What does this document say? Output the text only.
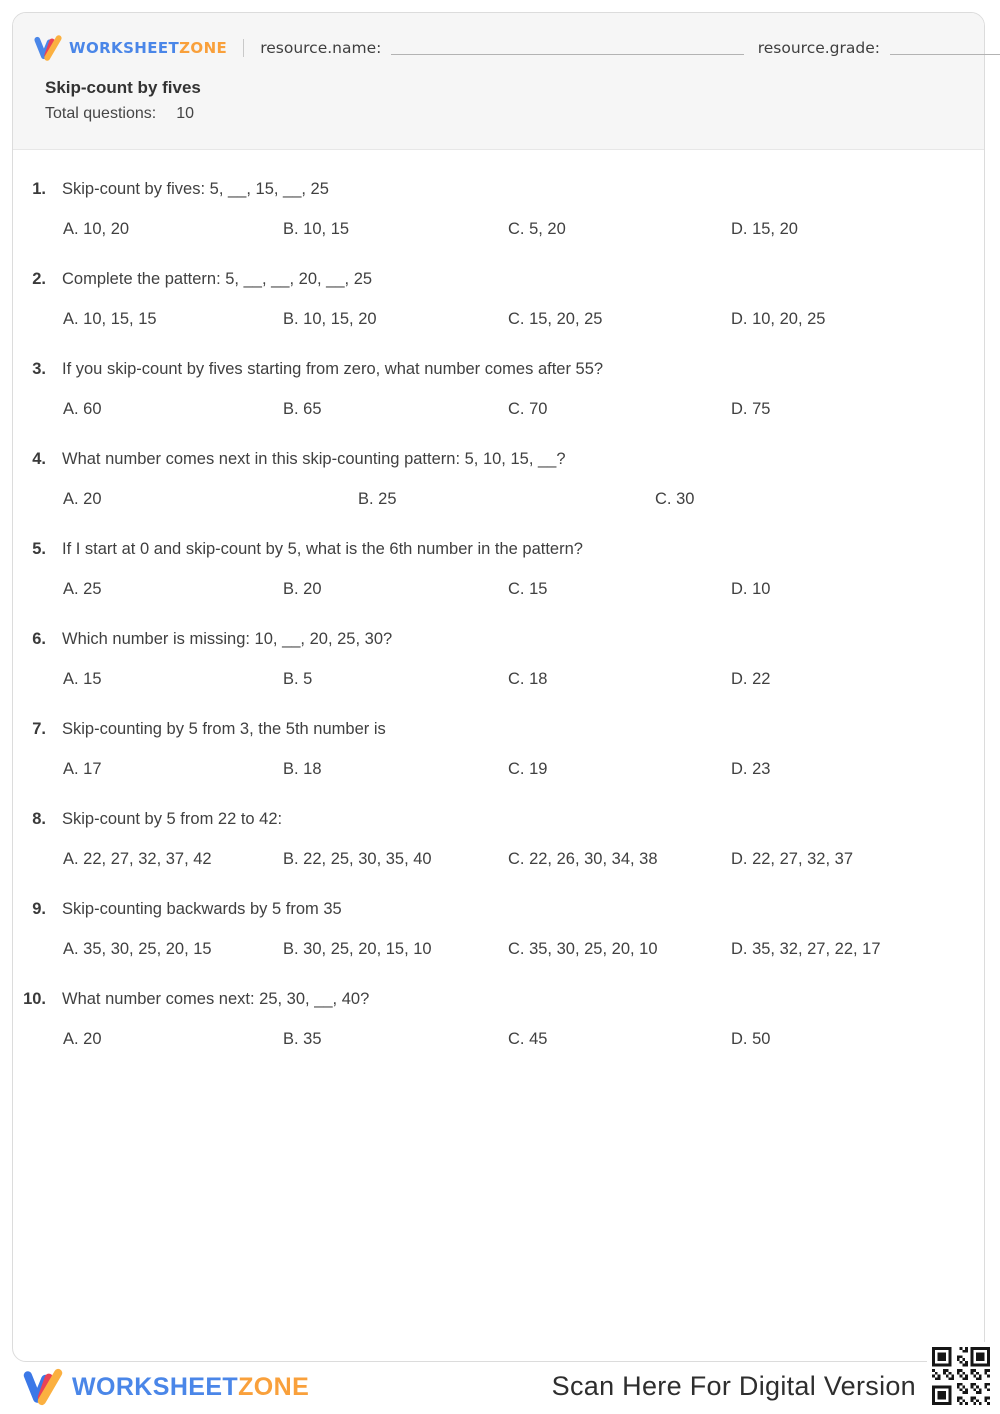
WORKSHEETZONE resource.name:	resource.grade:
Skip-count by fives
Total questions: 10
1. Skip-count by fives: 5, __, 15, __, 25
A. 10, 20	B. 10, 15	C. 5, 20	D. 15, 20
2. Complete the pattern: 5, __, __, 20, __, 25
A. 10, 15, 15	B. 10, 15, 20	C. 15, 20, 25	D. 10, 20, 25
3. If you skip-count by fives starting from zero, what number comes after 55?
A. 60	B. 65	C. 70	D. 75
4. What number comes next in this skip-counting pattern: 5, 10, 15, __?
A. 20	B. 25	C. 30
5. If I start at 0 and skip-count by 5, what is the 6th number in the pattern?
A. 25	B. 20	C. 15	D. 10
6. Which number is missing: 10, __, 20, 25, 30?
A. 15	B. 5	C. 18	D. 22
7. Skip-counting by 5 from 3, the 5th number is
A. 17	B. 18	C. 19	D. 23
8. Skip-count by 5 from 22 to 42:
A. 22, 27, 32, 37, 42	B. 22, 25, 30, 35, 40	C. 22, 26, 30, 34, 38	D. 22, 27, 32, 37
9. Skip-counting backwards by 5 from 35
A. 35, 30, 25, 20, 15	B. 30, 25, 20, 15, 10	C. 35, 30, 25, 20, 10	D. 35, 32, 27, 22, 17
10. What number comes next: 25, 30, __, 40?
A. 20	B. 35	C. 45	D. 50
WORKSHEETZONE	Scan Here For Digital Version
